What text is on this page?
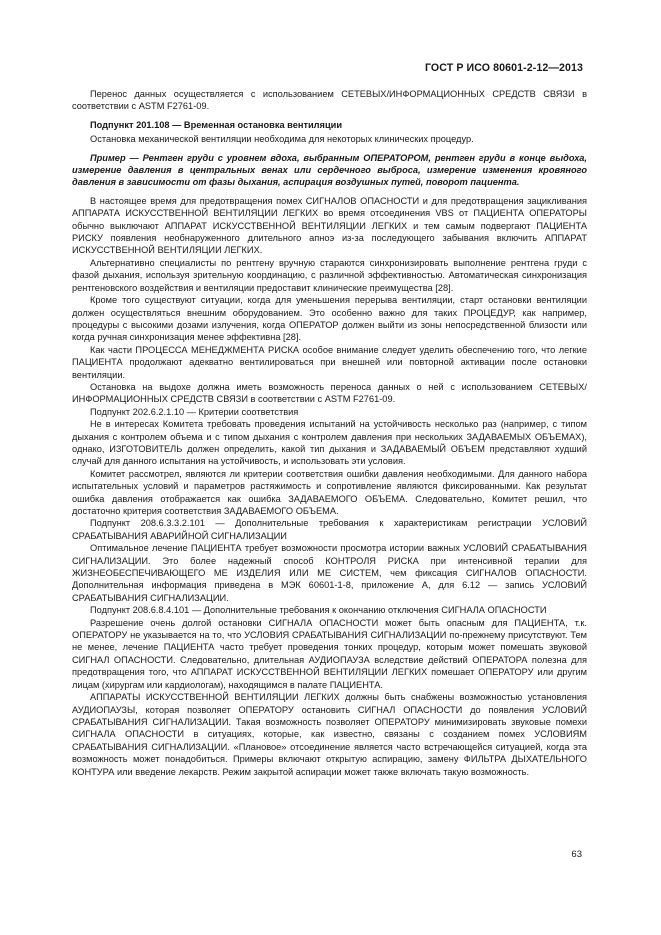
ГОСТ Р ИСО 80601-2-12—2013

Перенос данных осуществляется с использованием СЕТЕВЫХ/ИНФОРМАЦИОННЫХ СРЕДСТВ СВЯЗИ в соответствии с ASTM F2761-09.

Подпункт 201.108 — Временная остановка вентиляции

Остановка механической вентиляции необходима для некоторых клинических процедур.

Пример — Рентген груди с уровнем вдоха, выбранным ОПЕРАТОРОМ, рентген груди в конце выдоха, измерение давления в центральных венах или сердечного выброса, измерение изменения кровяного давления в зависимости от фазы дыхания, аспирация воздушных путей, поворот пациента.

В настоящее время для предотвращения помех СИГНАЛОВ ОПАСНОСТИ и для предотвращения зацикливания АППАРАТА ИСКУССТВЕННОЙ ВЕНТИЛЯЦИИ ЛЕГКИХ во время отсоединения VBS от ПАЦИЕНТА ОПЕРАТОРЫ обычно выключают АППАРАТ ИСКУССТВЕННОЙ ВЕНТИЛЯЦИИ ЛЕГКИХ и тем самым подвергают ПАЦИЕНТА РИСКУ появления необнаруженного длительного апноэ из-за последующего забывания включить АППАРАТ ИСКУССТВЕННОЙ ВЕНТИЛЯЦИИ ЛЕГКИХ.

Альтернативно специалисты по рентгену вручную стараются синхронизировать выполнение рентгена груди с фазой дыхания, используя зрительную координацию, с различной эффективностью. Автоматическая синхронизация рентгеновского воздействия и вентиляции предоставит клинические преимущества [28].

Кроме того существуют ситуации, когда для уменьшения перерыва вентиляции, старт остановки вентиляции должен осуществляться внешним оборудованием. Это особенно важно для таких ПРОЦЕДУР, как например, процедуры с высокими дозами излучения, когда ОПЕРАТОР должен выйти из зоны непосредственной близости или когда ручная синхронизация менее эффективна [28].

Как части ПРОЦЕССА МЕНЕДЖМЕНТА РИСКА особое внимание следует уделить обеспечению того, что легкие ПАЦИЕНТА продолжают адекватно вентилироваться при внешней или повторной активации после остановки вентиляции.

Остановка на выдохе должна иметь возможность переноса данных о ней с использованием СЕТЕВЫХ/ИНФОРМАЦИОННЫХ СРЕДСТВ СВЯЗИ в соответствии с ASTM F2761-09.

Подпункт 202.6.2.1.10 — Критерии соответствия

Не в интересах Комитета требовать проведения испытаний на устойчивость несколько раз (например, с типом дыхания с контролем объема и с типом дыхания с контролем давления при нескольких ЗАДАВАЕМЫХ ОБЪЕМАХ), однако, ИЗГОТОВИТЕЛЬ должен определить, какой тип дыхания и ЗАДАВАЕМЫЙ ОБЪЕМ представляют худший случай для данного испытания на устойчивость, и использовать эти условия.

Комитет рассмотрел, являются ли критерии соответствия ошибки давления необходимыми. Для данного набора испытательных условий и параметров растяжимость и сопротивление являются фиксированными. Как результат ошибка давления отображается как ошибка ЗАДАВАЕМОГО ОБЪЕМА. Следовательно, Комитет решил, что достаточно критерия соответствия ЗАДАВАЕМОГО ОБЪЕМА.

Подпункт 208.6.3.3.2.101 — Дополнительные требования к характеристикам регистрации УСЛОВИЙ СРАБАТЫВАНИЯ АВАРИЙНОЙ СИГНАЛИЗАЦИИ

Оптимальное лечение ПАЦИЕНТА требует возможности просмотра истории важных УСЛОВИЙ СРАБАТЫВАНИЯ СИГНАЛИЗАЦИИ. Это более надежный способ КОНТРОЛЯ РИСКА при интенсивной терапии для ЖИЗНЕОБЕСПЕЧИВАЮЩЕГО МЕ ИЗДЕЛИЯ ИЛИ МЕ СИСТЕМ, чем фиксация СИГНАЛОВ ОПАСНОСТИ. Дополнительная информация приведена в МЭК 60601-1-8, приложение А, для 6.12 — запись УСЛОВИЙ СРАБАТЫВАНИЯ СИГНАЛИЗАЦИИ.

Подпункт 208.6.8.4.101 — Дополнительные требования к окончанию отключения СИГНАЛА ОПАСНОСТИ

Разрешение очень долгой остановки СИГНАЛА ОПАСНОСТИ может быть опасным для ПАЦИЕНТА, т.к. ОПЕРАТОРУ не указывается на то, что УСЛОВИЯ СРАБАТЫВАНИЯ СИГНАЛИЗАЦИИ по-прежнему присутствуют. Тем не менее, лечение ПАЦИЕНТА часто требует проведения тонких процедур, которым может помешать звуковой СИГНАЛ ОПАСНОСТИ. Следовательно, длительная АУДИОПАУЗА вследствие действий ОПЕРАТОРА полезна для предотвращения того, что АППАРАТ ИСКУССТВЕННОЙ ВЕНТИЛЯЦИИ ЛЕГКИХ помешает ОПЕРАТОРУ или другим лицам (хирургам или кардиологам), находящимся в палате ПАЦИЕНТА.

АППАРАТЫ ИСКУССТВЕННОЙ ВЕНТИЛЯЦИИ ЛЕГКИХ должны быть снабжены возможностью установления АУДИОПАУЗЫ, которая позволяет ОПЕРАТОРУ остановить СИГНАЛ ОПАСНОСТИ до появления УСЛОВИЙ СРАБАТЫВАНИЯ СИГНАЛИЗАЦИИ. Такая возможность позволяет ОПЕРАТОРУ минимизировать звуковые помехи СИГНАЛА ОПАСНОСТИ в ситуациях, которые, как известно, связаны с созданием помех УСЛОВИЯМ СРАБАТЫВАНИЯ СИГНАЛИЗАЦИИ. «Плановое» отсоединение является часто встречающейся ситуацией, когда эта возможность может понадобиться. Примеры включают открытую аспирацию, замену ФИЛЬТРА ДЫХАТЕЛЬНОГО КОНТУРА или введение лекарств. Режим закрытой аспирации может также включать такую возможность.

63
